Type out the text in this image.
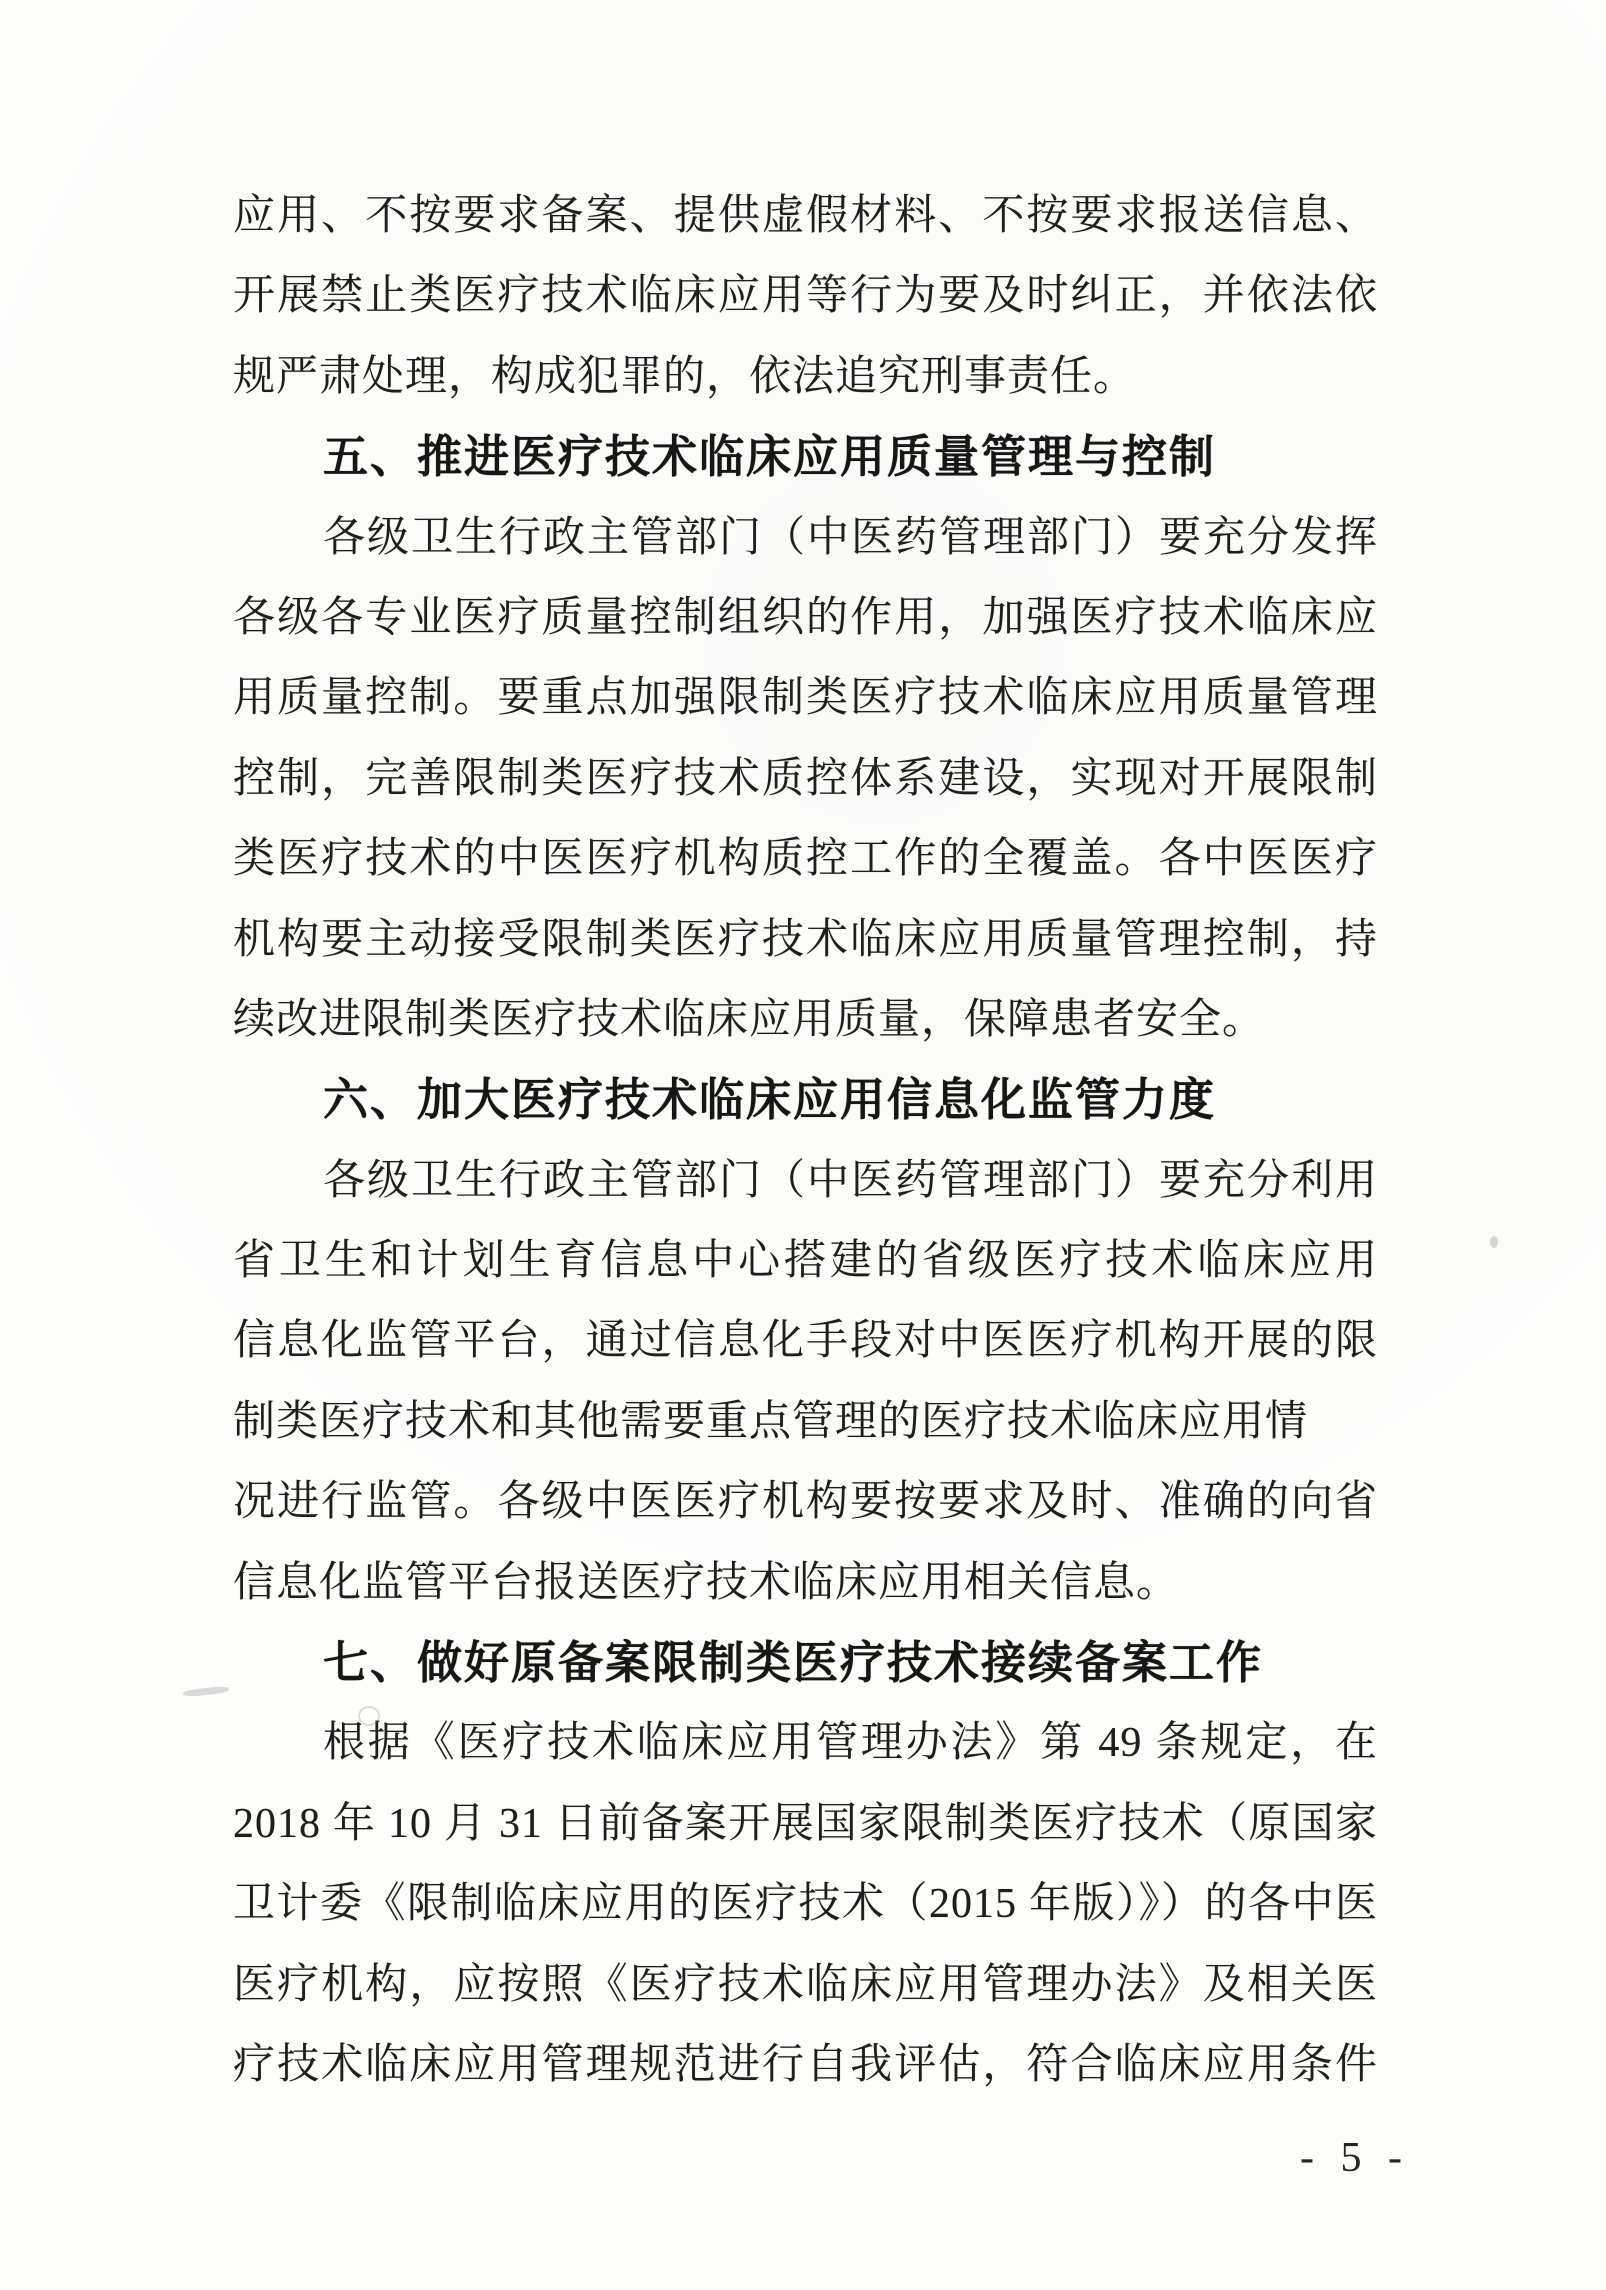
应用、不按要求备案、提供虚假材料、不按要求报送信息、
开展禁止类医疗技术临床应用等行为要及时纠正，并依法依
规严肃处理，构成犯罪的，依法追究刑事责任。
五、推进医疗技术临床应用质量管理与控制
各级卫生行政主管部门（中医药管理部门）要充分发挥
各级各专业医疗质量控制组织的作用，加强医疗技术临床应
用质量控制。要重点加强限制类医疗技术临床应用质量管理
控制，完善限制类医疗技术质控体系建设，实现对开展限制
类医疗技术的中医医疗机构质控工作的全覆盖。各中医医疗
机构要主动接受限制类医疗技术临床应用质量管理控制，持
续改进限制类医疗技术临床应用质量，保障患者安全。
六、加大医疗技术临床应用信息化监管力度
各级卫生行政主管部门（中医药管理部门）要充分利用
省卫生和计划生育信息中心搭建的省级医疗技术临床应用
信息化监管平台，通过信息化手段对中医医疗机构开展的限
制类医疗技术和其他需要重点管理的医疗技术临床应用情
况进行监管。各级中医医疗机构要按要求及时、准确的向省
信息化监管平台报送医疗技术临床应用相关信息。
七、做好原备案限制类医疗技术接续备案工作
根据《医疗技术临床应用管理办法》第 49 条规定，在
2018 年 10 月 31 日前备案开展国家限制类医疗技术（原国家
卫计委《限制临床应用的医疗技术（2015 年版）》）的各中医
医疗机构，应按照《医疗技术临床应用管理办法》及相关医
疗技术临床应用管理规范进行自我评估，符合临床应用条件
- 5 -
